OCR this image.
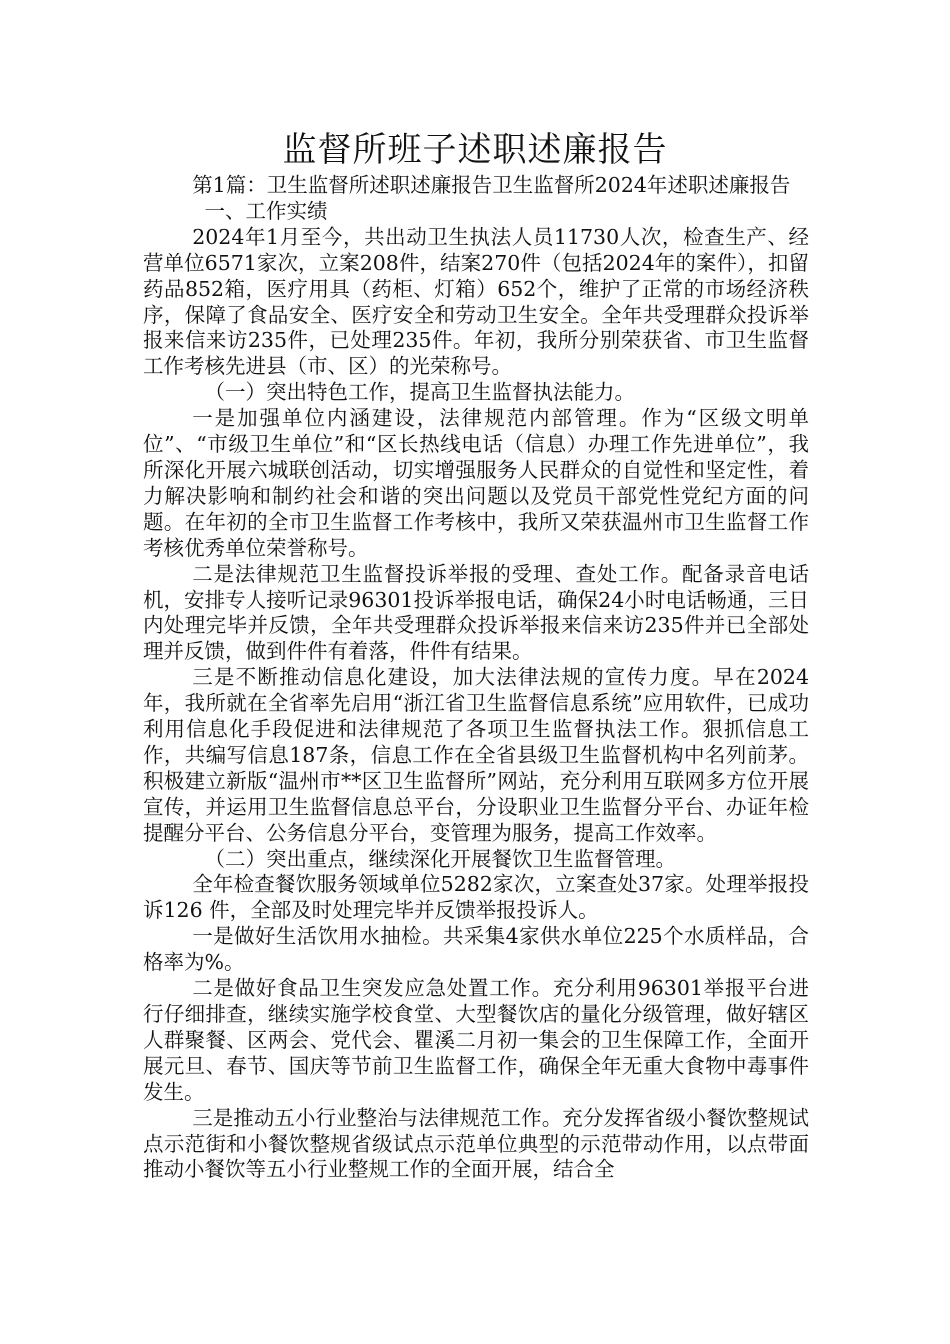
监督所班子述职述廉报告

第1篇：卫生监督所述职述廉报告卫生监督所2024年述职述廉报告

一、工作实绩

2024年1月至今，共出动卫生执法人员11730人次，检查生产、经营单位6571家次，立案208件，结案270件（包括2024年的案件），扣留药品852箱，医疗用具（药柜、灯箱）652个，维护了正常的市场经济秩序，保障了食品安全、医疗安全和劳动卫生安全。全年共受理群众投诉举报来信来访235件，已处理235件。年初，我所分别荣获省、市卫生监督工作考核先进县（市、区）的光荣称号。

（一）突出特色工作，提高卫生监督执法能力。

一是加强单位内涵建设，法律规范内部管理。作为“区级文明单位”、“市级卫生单位”和“区长热线电话（信息）办理工作先进单位”，我所深化开展六城联创活动，切实增强服务人民群众的自觉性和坚定性，着力解决影响和制约社会和谐的突出问题以及党员干部党性党纪方面的问题。在年初的全市卫生监督工作考核中，我所又荣获温州市卫生监督工作考核优秀单位荣誉称号。

二是法律规范卫生监督投诉举报的受理、查处工作。配备录音电话机，安排专人接听记录96301投诉举报电话，确保24小时电话畅通，三日内处理完毕并反馈，全年共受理群众投诉举报来信来访235件并已全部处理并反馈，做到件件有着落，件件有结果。

三是不断推动信息化建设，加大法律法规的宣传力度。早在2024年，我所就在全省率先启用“浙江省卫生监督信息系统”应用软件，已成功利用信息化手段促进和法律规范了各项卫生监督执法工作。狠抓信息工作，共编写信息187条，信息工作在全省县级卫生监督机构中名列前茅。积极建立新版“温州市**区卫生监督所”网站，充分利用互联网多方位开展宣传，并运用卫生监督信息总平台，分设职业卫生监督分平台、办证年检提醒分平台、公务信息分平台，变管理为服务，提高工作效率。

（二）突出重点，继续深化开展餐饮卫生监督管理。

全年检查餐饮服务领域单位5282家次，立案查处37家。处理举报投诉126 件，全部及时处理完毕并反馈举报投诉人。

一是做好生活饮用水抽检。共采集4家供水单位225个水质样品，合格率为%。

二是做好食品卫生突发应急处置工作。充分利用96301举报平台进行仔细排查，继续实施学校食堂、大型餐饮店的量化分级管理，做好辖区人群聚餐、区两会、党代会、瞿溪二月初一集会的卫生保障工作，全面开展元旦、春节、国庆等节前卫生监督工作，确保全年无重大食物中毒事件发生。

三是推动五小行业整治与法律规范工作。充分发挥省级小餐饮整规试点示范街和小餐饮整规省级试点示范单位典型的示范带动作用，以点带面推动小餐饮等五小行业整规工作的全面开展，结合全
